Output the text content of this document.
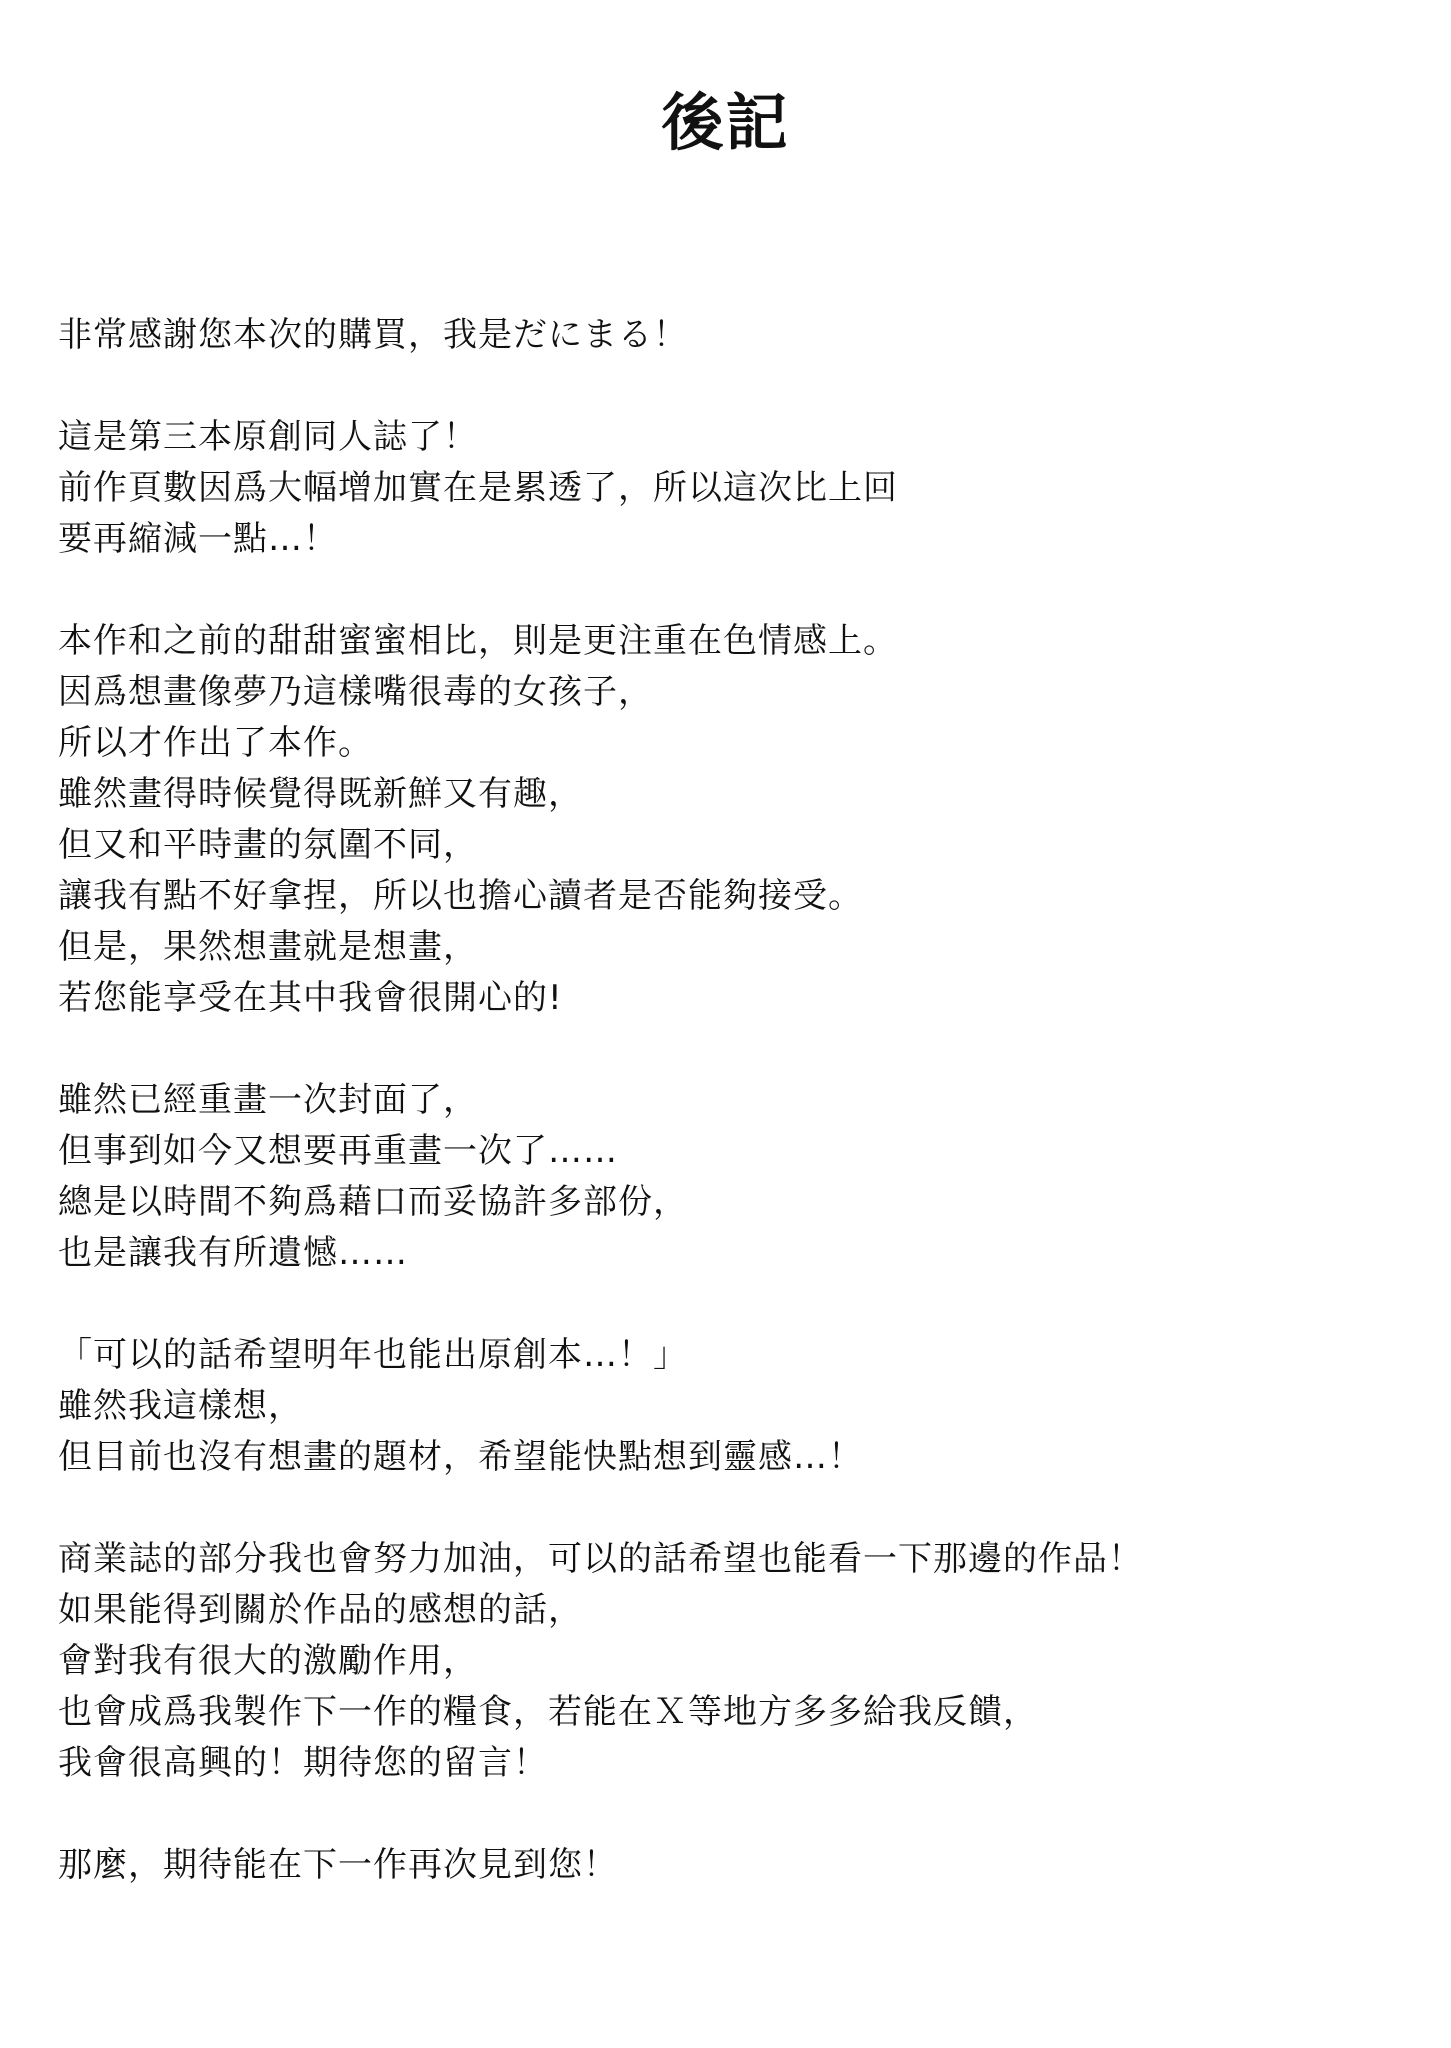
後記

非常感謝您本次的購買，我是だにまる！

這是第三本原創同人誌了！
前作頁數因爲大幅增加實在是累透了，所以這次比上回
要再縮減一點…！

本作和之前的甜甜蜜蜜相比，則是更注重在色情感上。
因爲想畫像夢乃這樣嘴很毒的女孩子，
所以才作出了本作。
雖然畫得時候覺得既新鮮又有趣，
但又和平時畫的氛圍不同，
讓我有點不好拿捏，所以也擔心讀者是否能夠接受。
但是，果然想畫就是想畫，
若您能享受在其中我會很開心的!

雖然已經重畫一次封面了，
但事到如今又想要再重畫一次了……
總是以時間不夠爲藉口而妥協許多部份，
也是讓我有所遺憾……

「可以的話希望明年也能出原創本…！」
雖然我這樣想，
但目前也沒有想畫的題材，希望能快點想到靈感…！

商業誌的部分我也會努力加油，可以的話希望也能看一下那邊的作品！
如果能得到關於作品的感想的話，
會對我有很大的激勵作用，
也會成爲我製作下一作的糧食，若能在Ｘ等地方多多給我反饋，
我會很高興的！期待您的留言！

那麼，期待能在下一作再次見到您！
